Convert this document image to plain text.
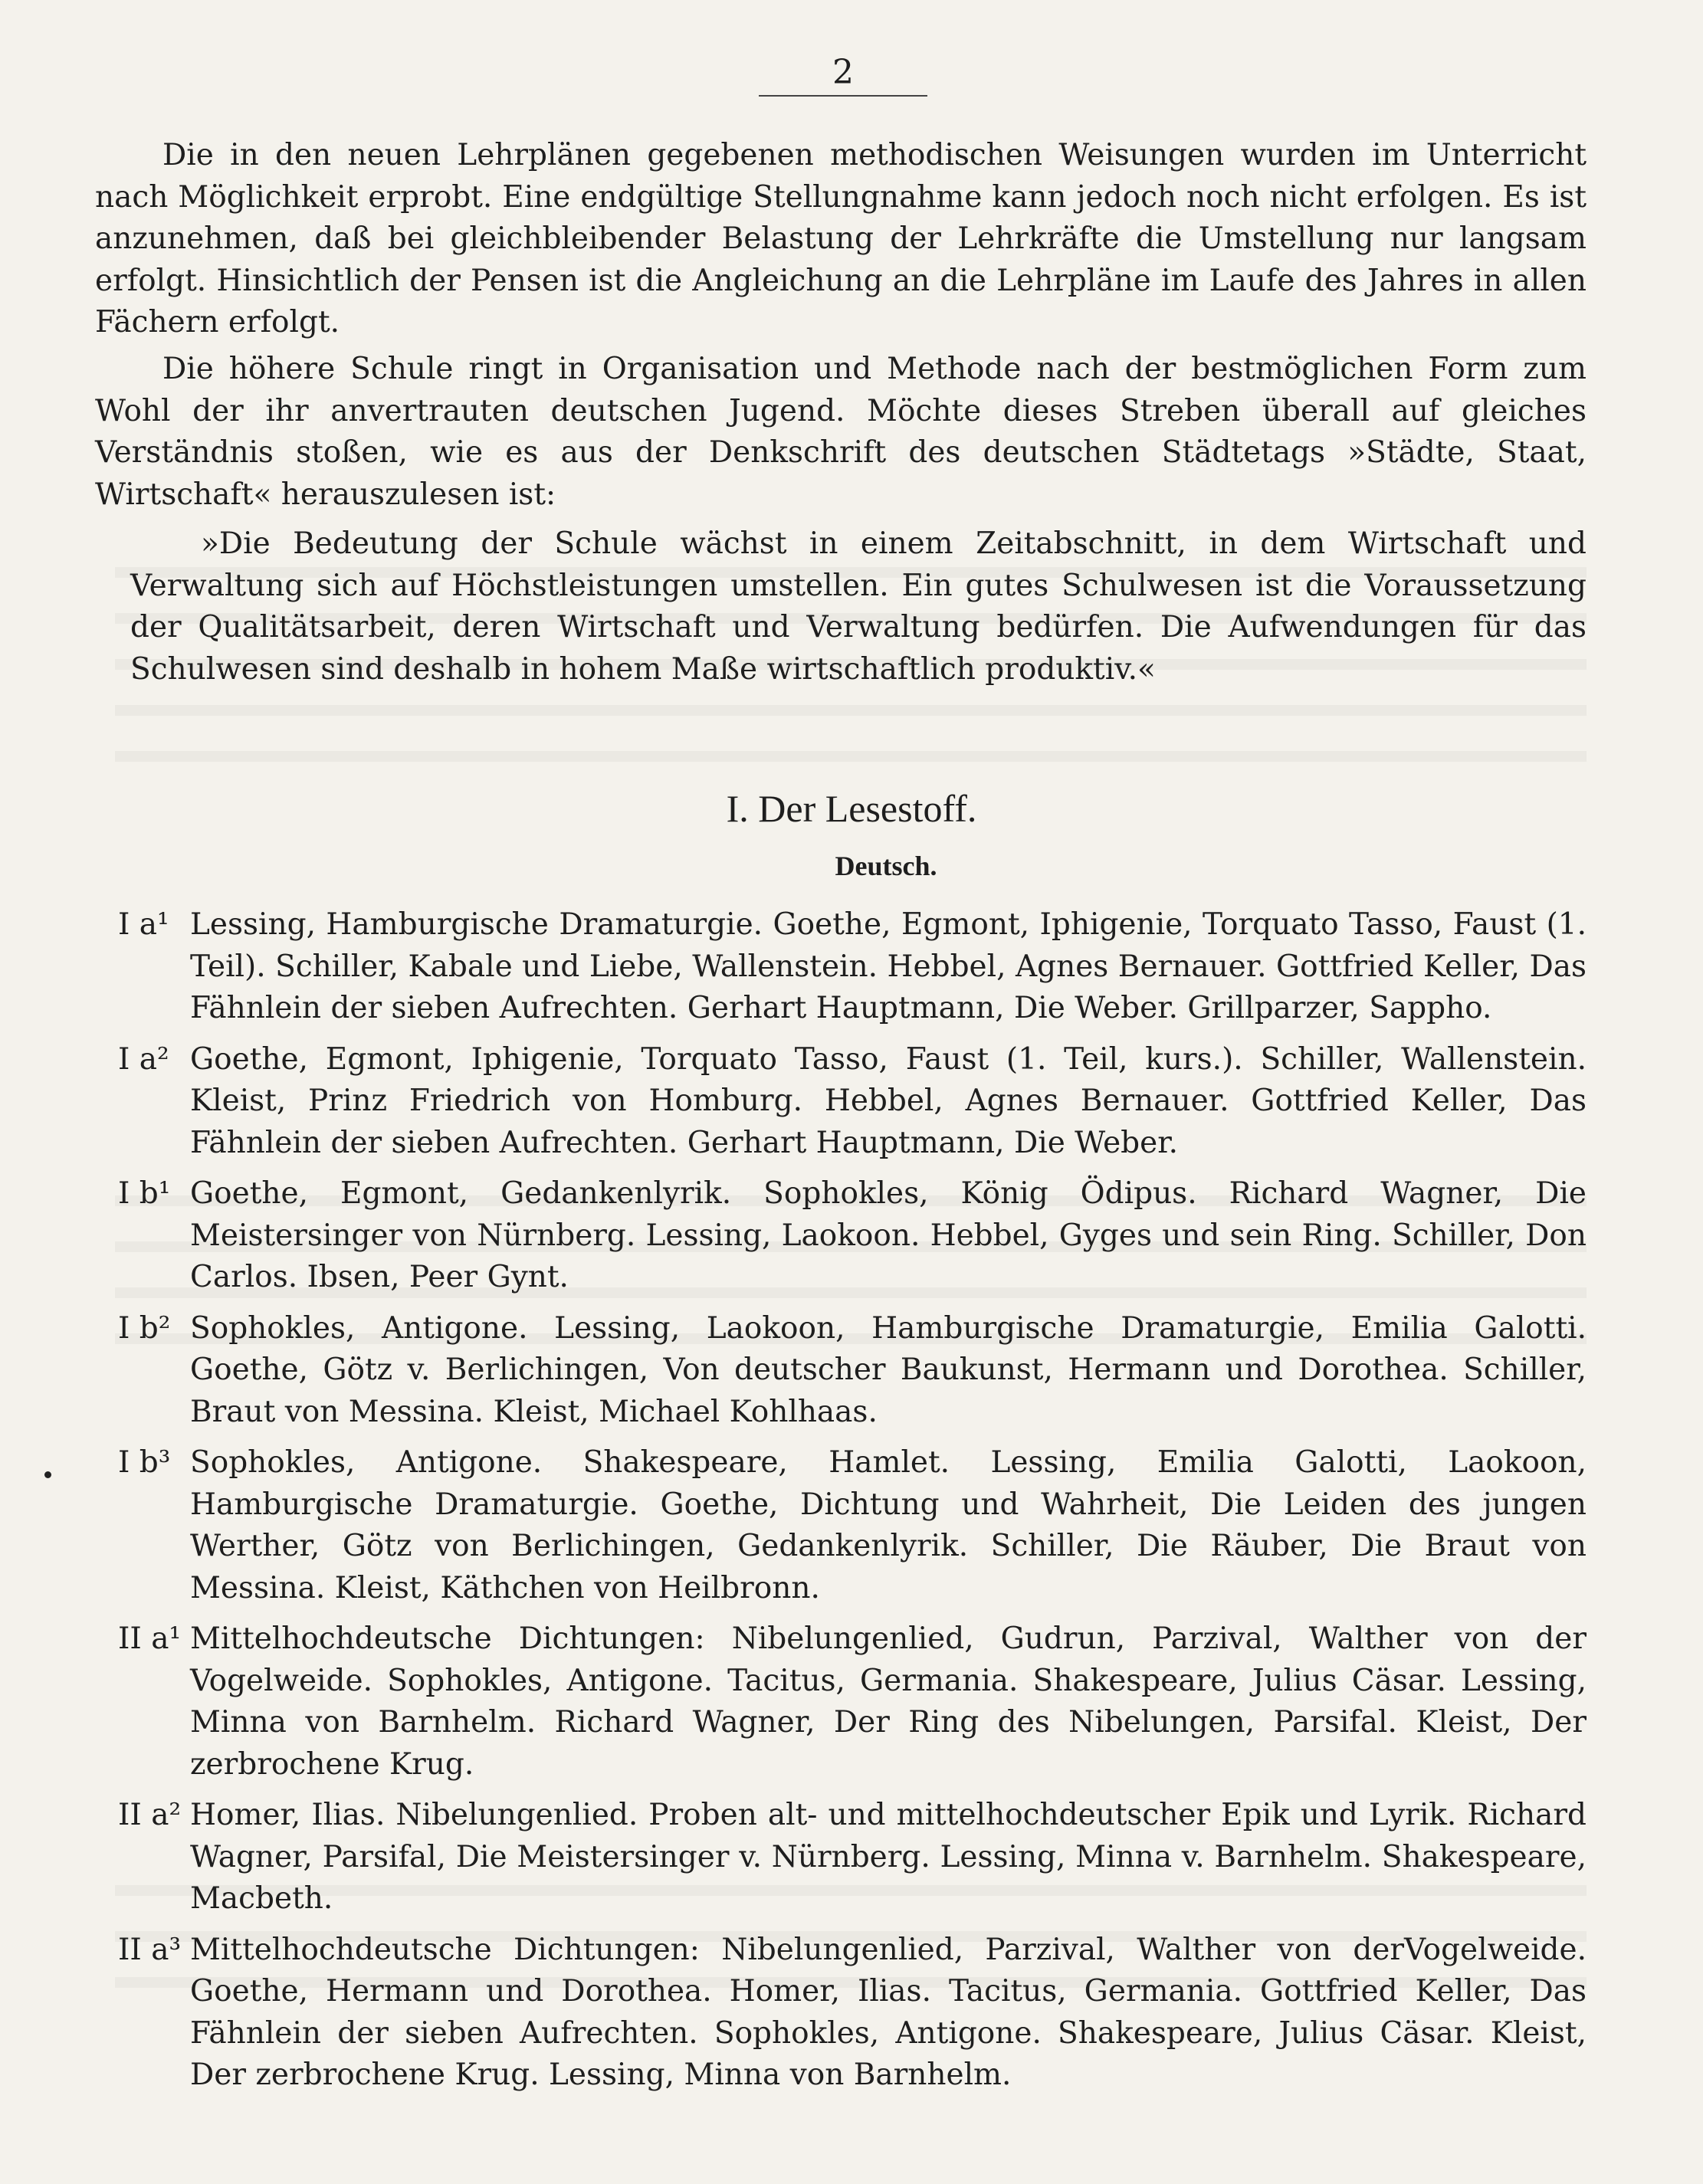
2

Die in den neuen Lehrplänen gegebenen methodischen Weisungen wurden im Unterricht nach Möglichkeit erprobt. Eine endgültige Stellungnahme kann jedoch noch nicht erfolgen. Es ist anzunehmen, daß bei gleichbleibender Belastung der Lehrkräfte die Umstellung nur langsam erfolgt. Hinsichtlich der Pensen ist die Angleichung an die Lehrpläne im Laufe des Jahres in allen Fächern erfolgt.

Die höhere Schule ringt in Organisation und Methode nach der bestmöglichen Form zum Wohl der ihr anvertrauten deutschen Jugend. Möchte dieses Streben überall auf gleiches Verständnis stoßen, wie es aus der Denkschrift des deutschen Städtetags »Städte, Staat, Wirtschaft« herauszulesen ist:

»Die Bedeutung der Schule wächst in einem Zeitabschnitt, in dem Wirtschaft und Verwaltung sich auf Höchstleistungen umstellen. Ein gutes Schulwesen ist die Voraussetzung der Qualitätsarbeit, deren Wirtschaft und Verwaltung bedürfen. Die Aufwendungen für das Schulwesen sind deshalb in hohem Maße wirtschaftlich produktiv.«

I. Der Lesestoff.
Deutsch.
I a¹ Lessing, Hamburgische Dramaturgie. Goethe, Egmont, Iphigenie, Torquato Tasso, Faust (1. Teil). Schiller, Kabale und Liebe, Wallenstein. Hebbel, Agnes Bernauer. Gottfried Keller, Das Fähnlein der sieben Aufrechten. Gerhart Hauptmann, Die Weber. Grillparzer, Sappho.

I a² Goethe, Egmont, Iphigenie, Torquato Tasso, Faust (1. Teil, kurs.). Schiller, Wallenstein. Kleist, Prinz Friedrich von Homburg. Hebbel, Agnes Bernauer. Gottfried Keller, Das Fähnlein der sieben Aufrechten. Gerhart Hauptmann, Die Weber.

I b¹ Goethe, Egmont, Gedankenlyrik. Sophokles, König Ödipus. Richard Wagner, Die Meistersinger von Nürnberg. Lessing, Laokoon. Hebbel, Gyges und sein Ring. Schiller, Don Carlos. Ibsen, Peer Gynt.

I b² Sophokles, Antigone. Lessing, Laokoon, Hamburgische Dramaturgie, Emilia Galotti. Goethe, Götz v. Berlichingen, Von deutscher Baukunst, Hermann und Dorothea. Schiller, Braut von Messina. Kleist, Michael Kohlhaas.

I b³ Sophokles, Antigone. Shakespeare, Hamlet. Lessing, Emilia Galotti, Laokoon, Hamburgische Dramaturgie. Goethe, Dichtung und Wahrheit, Die Leiden des jungen Werther, Götz von Berlichingen, Gedankenlyrik. Schiller, Die Räuber, Die Braut von Messina. Kleist, Käthchen von Heilbronn.

II a¹ Mittelhochdeutsche Dichtungen: Nibelungenlied, Gudrun, Parzival, Walther von der Vogelweide. Sophokles, Antigone. Tacitus, Germania. Shakespeare, Julius Cäsar. Lessing, Minna von Barnhelm. Richard Wagner, Der Ring des Nibelungen, Parsifal. Kleist, Der zerbrochene Krug.

II a² Homer, Ilias. Nibelungenlied. Proben alt- und mittelhochdeutscher Epik und Lyrik. Richard Wagner, Parsifal, Die Meistersinger v. Nürnberg. Lessing, Minna v. Barnhelm. Shakespeare, Macbeth.

II a³ Mittelhochdeutsche Dichtungen: Nibelungenlied, Parzival, Walther von derVogelweide. Goethe, Hermann und Dorothea. Homer, Ilias. Tacitus, Germania. Gottfried Keller, Das Fähnlein der sieben Aufrechten. Sophokles, Antigone. Shakespeare, Julius Cäsar. Kleist, Der zerbrochene Krug. Lessing, Minna von Barnhelm.
